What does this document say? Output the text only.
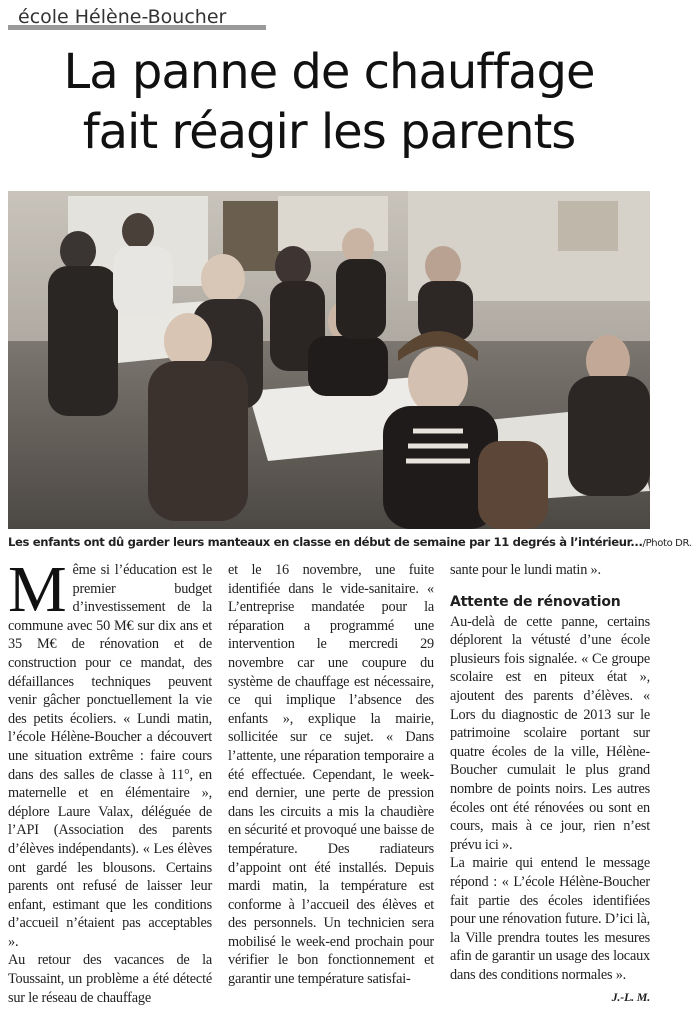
école Hélène-Boucher
La panne de chauffage
fait réagir les parents
Les enfants ont dû garder leurs manteaux en classe en début de semaine par 11 degrés à l’intérieur.../Photo DR.

Même si l’éducation est le premier budget d’investissement de la commune avec 50 M€ sur dix ans et 35 M€ de rénovation et de construction pour ce mandat, des défaillances techniques peuvent venir gâcher ponctuellement la vie des petits écoliers. « Lundi matin, l’école Hélène-Boucher a découvert une situation extrême : faire cours dans des salles de classe à 11°, en maternelle et en élémentaire », déplore Laure Valax, déléguée de l’API (Association des parents d’élèves indépendants). « Les élèves ont gardé les blousons. Certains parents ont refusé de laisser leur enfant, estimant que les conditions d’accueil n’étaient pas acceptables ».

Au retour des vacances de la Toussaint, un problème a été détecté sur le réseau de chauffage

et le 16 novembre, une fuite identifiée dans le vide-sanitaire. « L’entreprise mandatée pour la réparation a programmé une intervention le mercredi 29 novembre car une coupure du système de chauffage est nécessaire, ce qui implique l’absence des enfants », explique la mairie, sollicitée sur ce sujet. « Dans l’attente, une réparation temporaire a été effectuée. Cependant, le week-end dernier, une perte de pression dans les circuits a mis la chaudière en sécurité et provoqué une baisse de température. Des radiateurs d’appoint ont été installés. Depuis mardi matin, la température est conforme à l’accueil des élèves et des personnels. Un technicien sera mobilisé le week-end prochain pour vérifier le bon fonctionnement et garantir une température satisfai-

sante pour le lundi matin ».

Attente de rénovation

Au-delà de cette panne, certains déplorent la vétusté d’une école plusieurs fois signalée. « Ce groupe scolaire est en piteux état », ajoutent des parents d’élèves. « Lors du diagnostic de 2013 sur le patrimoine scolaire portant sur quatre écoles de la ville, Hélène-Boucher cumulait le plus grand nombre de points noirs. Les autres écoles ont été rénovées ou sont en cours, mais à ce jour, rien n’est prévu ici ».

La mairie qui entend le message répond : « L’école Hélène-Boucher fait partie des écoles identifiées pour une rénovation future. D’ici là, la Ville prendra toutes les mesures afin de garantir un usage des locaux dans des conditions normales ».

J.-L. M.
